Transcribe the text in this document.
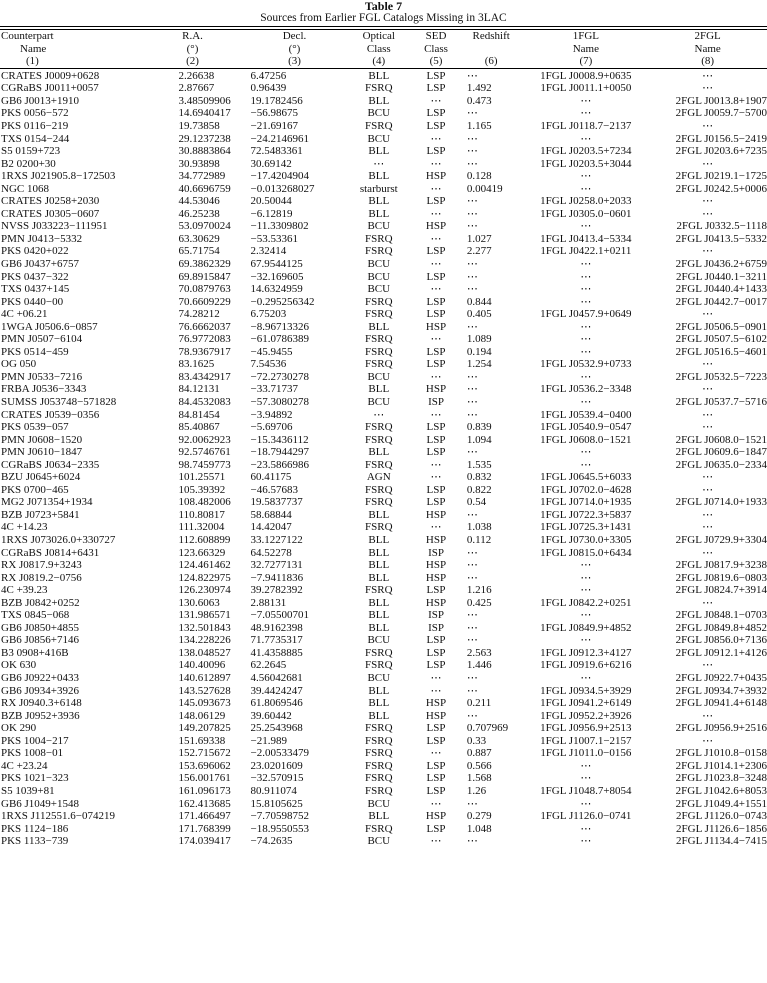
Table 7
Sources from Earlier FGL Catalogs Missing in 3LAC
Counterpart	R.A.	Decl.	Optical	SED	Redshift	1FGL	2FGL
Name	(°)	(°)	Class	Class		Name	Name
(1)	(2)	(3)	(4)	(5)	(6)	(7)	(8)

CRATES J0009+0628	2.26638	6.47256	BLL	LSP	⋯	1FGL J0008.9+0635	⋯
CGRaBS J0011+0057	2.87667	0.96439	FSRQ	LSP	1.492	1FGL J0011.1+0050	⋯
GB6 J0013+1910	3.48509906	19.1782456	BLL	⋯	0.473	⋯	2FGL J0013.8+1907
PKS 0056−572	14.6940417	−56.98675	BCU	LSP	⋯	⋯	2FGL J0059.7−5700
PKS 0116−219	19.73858	−21.69167	FSRQ	LSP	1.165	1FGL J0118.7−2137	⋯
TXS 0154−244	29.1237238	−24.2146961	BCU	⋯	⋯	⋯	2FGL J0156.5−2419
S5 0159+723	30.8883864	72.5483361	BLL	LSP	⋯	1FGL J0203.5+7234	2FGL J0203.6+7235
B2 0200+30	30.93898	30.69142	⋯	⋯	⋯	1FGL J0203.5+3044	⋯
1RXS J021905.8−172503	34.772989	−17.4204904	BLL	HSP	0.128	⋯	2FGL J0219.1−1725
NGC 1068	40.6696759	−0.013268027	starburst	⋯	0.00419	⋯	2FGL J0242.5+0006
CRATES J0258+2030	44.53046	20.50044	BLL	LSP	⋯	1FGL J0258.0+2033	⋯
CRATES J0305−0607	46.25238	−6.12819	BLL	⋯	⋯	1FGL J0305.0−0601	⋯
NVSS J033223−111951	53.0970024	−11.3309802	BCU	HSP	⋯	⋯	2FGL J0332.5−1118
PMN J0413−5332	63.30629	−53.53361	FSRQ	⋯	1.027	1FGL J0413.4−5334	2FGL J0413.5−5332
PKS 0420+022	65.71754	2.32414	FSRQ	LSP	2.277	1FGL J0422.1+0211	⋯
GB6 J0437+6757	69.3862329	67.9544125	BCU	⋯	⋯	⋯	2FGL J0436.2+6759
PKS 0437−322	69.8915847	−32.169605	BCU	LSP	⋯	⋯	2FGL J0440.1−3211
TXS 0437+145	70.0879763	14.6324959	BCU	⋯	⋯	⋯	2FGL J0440.4+1433
PKS 0440−00	70.6609229	−0.295256342	FSRQ	LSP	0.844	⋯	2FGL J0442.7−0017
4C +06.21	74.28212	6.75203	FSRQ	LSP	0.405	1FGL J0457.9+0649	⋯
1WGA J0506.6−0857	76.6662037	−8.96713326	BLL	HSP	⋯	⋯	2FGL J0506.5−0901
PMN J0507−6104	76.9772083	−61.0786389	FSRQ	⋯	1.089	⋯	2FGL J0507.5−6102
PKS 0514−459	78.9367917	−45.9455	FSRQ	LSP	0.194	⋯	2FGL J0516.5−4601
OG 050	83.1625	7.54536	FSRQ	LSP	1.254	1FGL J0532.9+0733	⋯
PMN J0533−7216	83.4342917	−72.2730278	BCU	⋯	⋯	⋯	2FGL J0532.5−7223
FRBA J0536−3343	84.12131	−33.71737	BLL	HSP	⋯	1FGL J0536.2−3348	⋯
SUMSS J053748−571828	84.4532083	−57.3080278	BCU	ISP	⋯	⋯	2FGL J0537.7−5716
CRATES J0539−0356	84.81454	−3.94892	⋯	⋯	⋯	1FGL J0539.4−0400	⋯
PKS 0539−057	85.40867	−5.69706	FSRQ	LSP	0.839	1FGL J0540.9−0547	⋯
PMN J0608−1520	92.0062923	−15.3436112	FSRQ	LSP	1.094	1FGL J0608.0−1521	2FGL J0608.0−1521
PMN J0610−1847	92.5746761	−18.7944297	BLL	LSP	⋯	⋯	2FGL J0609.6−1847
CGRaBS J0634−2335	98.7459773	−23.5866986	FSRQ	⋯	1.535	⋯	2FGL J0635.0−2334
BZU J0645+6024	101.25571	60.41175	AGN	⋯	0.832	1FGL J0645.5+6033	⋯
PKS 0700−465	105.39392	−46.57683	FSRQ	LSP	0.822	1FGL J0702.0−4628	⋯
MG2 J071354+1934	108.482006	19.5837737	FSRQ	LSP	0.54	1FGL J0714.0+1935	2FGL J0714.0+1933
BZB J0723+5841	110.80817	58.68844	BLL	HSP	⋯	1FGL J0722.3+5837	⋯
4C +14.23	111.32004	14.42047	FSRQ	⋯	1.038	1FGL J0725.3+1431	⋯
1RXS J073026.0+330727	112.608899	33.1227122	BLL	HSP	0.112	1FGL J0730.0+3305	2FGL J0729.9+3304
CGRaBS J0814+6431	123.66329	64.52278	BLL	ISP	⋯	1FGL J0815.0+6434	⋯
RX J0817.9+3243	124.461462	32.7277131	BLL	HSP	⋯	⋯	2FGL J0817.9+3238
RX J0819.2−0756	124.822975	−7.9411836	BLL	HSP	⋯	⋯	2FGL J0819.6−0803
4C +39.23	126.230974	39.2782392	FSRQ	LSP	1.216	⋯	2FGL J0824.7+3914
BZB J0842+0252	130.6063	2.88131	BLL	HSP	0.425	1FGL J0842.2+0251	⋯
TXS 0845−068	131.986571	−7.05500701	BLL	ISP	⋯	⋯	2FGL J0848.1−0703
GB6 J0850+4855	132.501843	48.9162398	BLL	ISP	⋯	1FGL J0849.9+4852	2FGL J0849.8+4852
GB6 J0856+7146	134.228226	71.7735317	BCU	LSP	⋯	⋯	2FGL J0856.0+7136
B3 0908+416B	138.048527	41.4358885	FSRQ	LSP	2.563	1FGL J0912.3+4127	2FGL J0912.1+4126
OK 630	140.40096	62.2645	FSRQ	LSP	1.446	1FGL J0919.6+6216	⋯
GB6 J0922+0433	140.612897	4.56042681	BCU	⋯	⋯	⋯	2FGL J0922.7+0435
GB6 J0934+3926	143.527628	39.4424247	BLL	⋯	⋯	1FGL J0934.5+3929	2FGL J0934.7+3932
RX J0940.3+6148	145.093673	61.8069546	BLL	HSP	0.211	1FGL J0941.2+6149	2FGL J0941.4+6148
BZB J0952+3936	148.06129	39.60442	BLL	HSP	⋯	1FGL J0952.2+3926	⋯
OK 290	149.207825	25.2543968	FSRQ	LSP	0.707969	1FGL J0956.9+2513	2FGL J0956.9+2516
PKS 1004−217	151.69338	−21.989	FSRQ	LSP	0.33	1FGL J1007.1−2157	⋯
PKS 1008−01	152.715672	−2.00533479	FSRQ	⋯	0.887	1FGL J1011.0−0156	2FGL J1010.8−0158
4C +23.24	153.696062	23.0201609	FSRQ	LSP	0.566	⋯	2FGL J1014.1+2306
PKS 1021−323	156.001761	−32.570915	FSRQ	LSP	1.568	⋯	2FGL J1023.8−3248
S5 1039+81	161.096173	80.911074	FSRQ	LSP	1.26	1FGL J1048.7+8054	2FGL J1042.6+8053
GB6 J1049+1548	162.413685	15.8105625	BCU	⋯	⋯	⋯	2FGL J1049.4+1551
1RXS J112551.6−074219	171.466497	−7.70598752	BLL	HSP	0.279	1FGL J1126.0−0741	2FGL J1126.0−0743
PKS 1124−186	171.768399	−18.9550553	FSRQ	LSP	1.048	⋯	2FGL J1126.6−1856
PKS 1133−739	174.039417	−74.2635	BCU	⋯	⋯	⋯	2FGL J1134.4−7415
